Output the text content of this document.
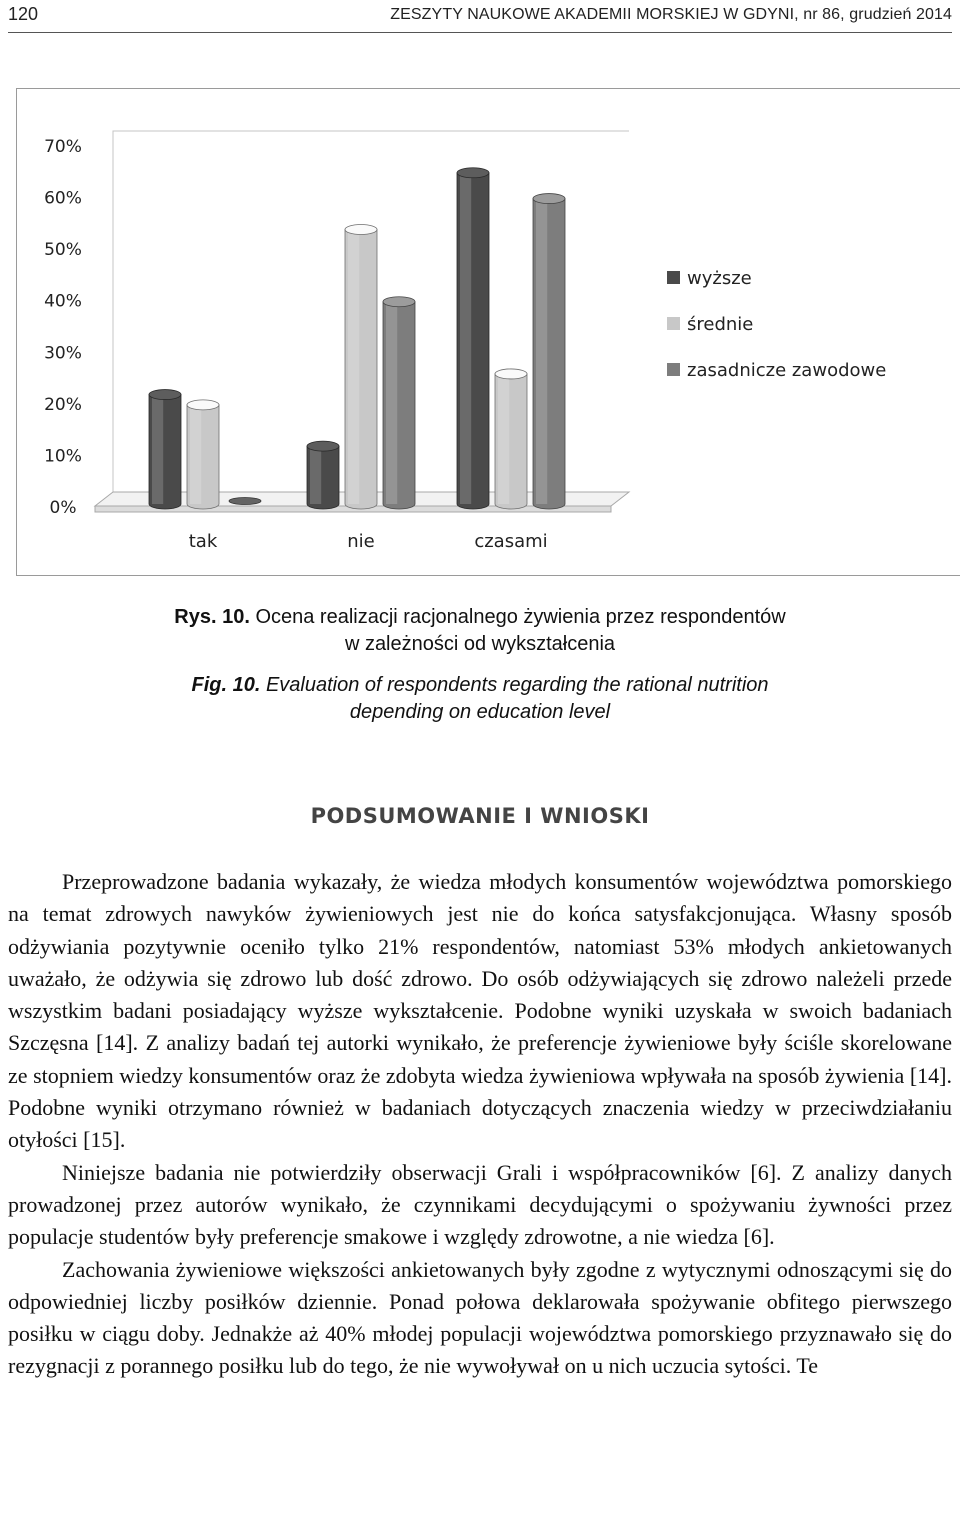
120	ZESZYTY NAUKOWE AKADEMII MORSKIEJ W GDYNI, nr 86, grudzień 2014
0%
10%
20%
30%
40%
50%
60%
70%
tak	nie	czasami
wyższe
średnie
zasadnicze zawodowe
Rys. 10. Ocena realizacji racjonalnego żywienia przez respondentów
w zależności od wykształcenia
Fig. 10. Evaluation of respondents regarding the rational nutrition
depending on education level
PODSUMOWANIE I WNIOSKI

Przeprowadzone badania wykazały, że wiedza młodych konsumentów województwa pomorskiego na temat zdrowych nawyków żywieniowych jest nie do końca satysfakcjonująca. Własny sposób odżywiania pozytywnie oceniło tylko 21% respondentów, natomiast 53% młodych ankietowanych uważało, że odżywia się zdrowo lub dość zdrowo. Do osób odżywiających się zdrowo należeli przede wszystkim badani posiadający wyższe wykształcenie. Podobne wyniki uzyskała w swoich badaniach Szczęsna [14]. Z analizy badań tej autorki wynikało, że preferencje żywieniowe były ściśle skorelowane ze stopniem wiedzy konsumentów oraz że zdobyta wiedza żywieniowa wpływała na sposób żywienia [14]. Podobne wyniki otrzymano również w badaniach dotyczących znaczenia wiedzy w przeciwdziałaniu otyłości [15].

Niniejsze badania nie potwierdziły obserwacji Grali i współpracowników [6]. Z analizy danych prowadzonej przez autorów wynikało, że czynnikami decydującymi o spożywaniu żywności przez populacje studentów były preferencje smakowe i względy zdrowotne, a nie wiedza [6].

Zachowania żywieniowe większości ankietowanych były zgodne z wytycznymi odnoszącymi się do odpowiedniej liczby posiłków dziennie. Ponad połowa deklarowała spożywanie obfitego pierwszego posiłku w ciągu doby. Jednakże aż 40% młodej populacji województwa pomorskiego przyznawało się do rezygnacji z porannego posiłku lub do tego, że nie wywoływał on u nich uczucia sytości. Te
